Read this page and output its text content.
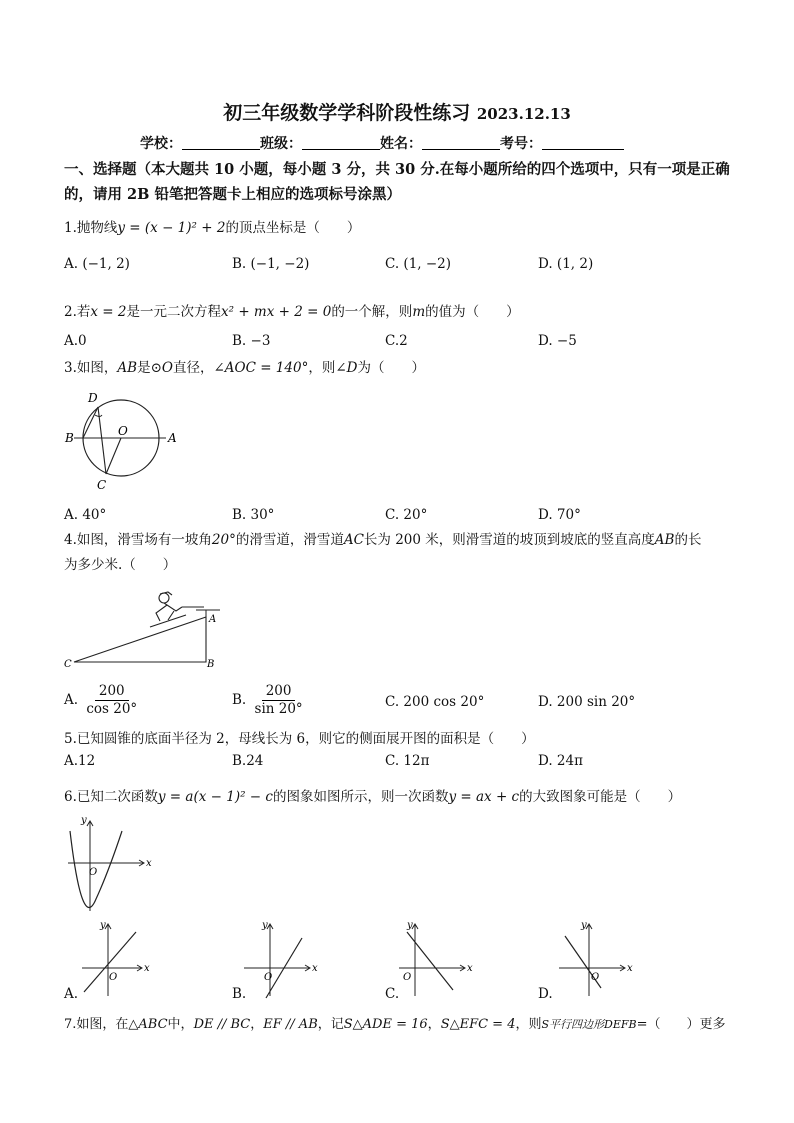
初三年级数学学科阶段性练习 2023.12.13
学校：	班级：	姓名：	考号：
一、选择题（本大题共 10 小题，每小题 3 分，共 30 分.在每小题所给的四个选项中，只有一项是正确的，请用 2B 铅笔把答题卡上相应的选项标号涂黑）
1.抛物线y = (x − 1)² + 2的顶点坐标是（　　）
A. (−1, 2)	B. (−1, −2)	C. (1, −2)	D. (1, 2)
2.若x = 2是一元二次方程x² + mx + 2 = 0的一个解，则m的值为（　　）
A.0	B. −3	C.2	D. −5
3.如图，AB是⊙O直径，∠AOC = 140°，则∠D为（　　）
D
B	O	A
C
A. 40°	B. 30°	C. 20°	D. 70°
4.如图，滑雪场有一坡角20°的滑雪道，滑雪道AC长为 200 米，则滑雪道的坡顶到坡底的竖直高度AB的长
为多少米.（　　）
C	B
A
A. $\frac{200}{\cos 20^\circ}$	B. $\frac{200}{\sin 20^\circ}$	C. 200 cos 20°	D. 200 sin 20°
5.已知圆锥的底面半径为 2，母线长为 6，则它的侧面展开图的面积是（　　）
A.12	B.24	C. 12π	D. 24π
6.已知二次函数y = a(x − 1)² − c的图象如图所示，则一次函数y = ax + c的大致图象可能是（　　）
x
y
O
x
y
O
x
y
O
x
y
O
x
y
O
A.	B.	C.	D.
7.如图，在△ABC中，DE // BC，EF // AB，记S△ADE = 16，S△EFC = 4，则S平行四边形DEFB=（　　）更多
